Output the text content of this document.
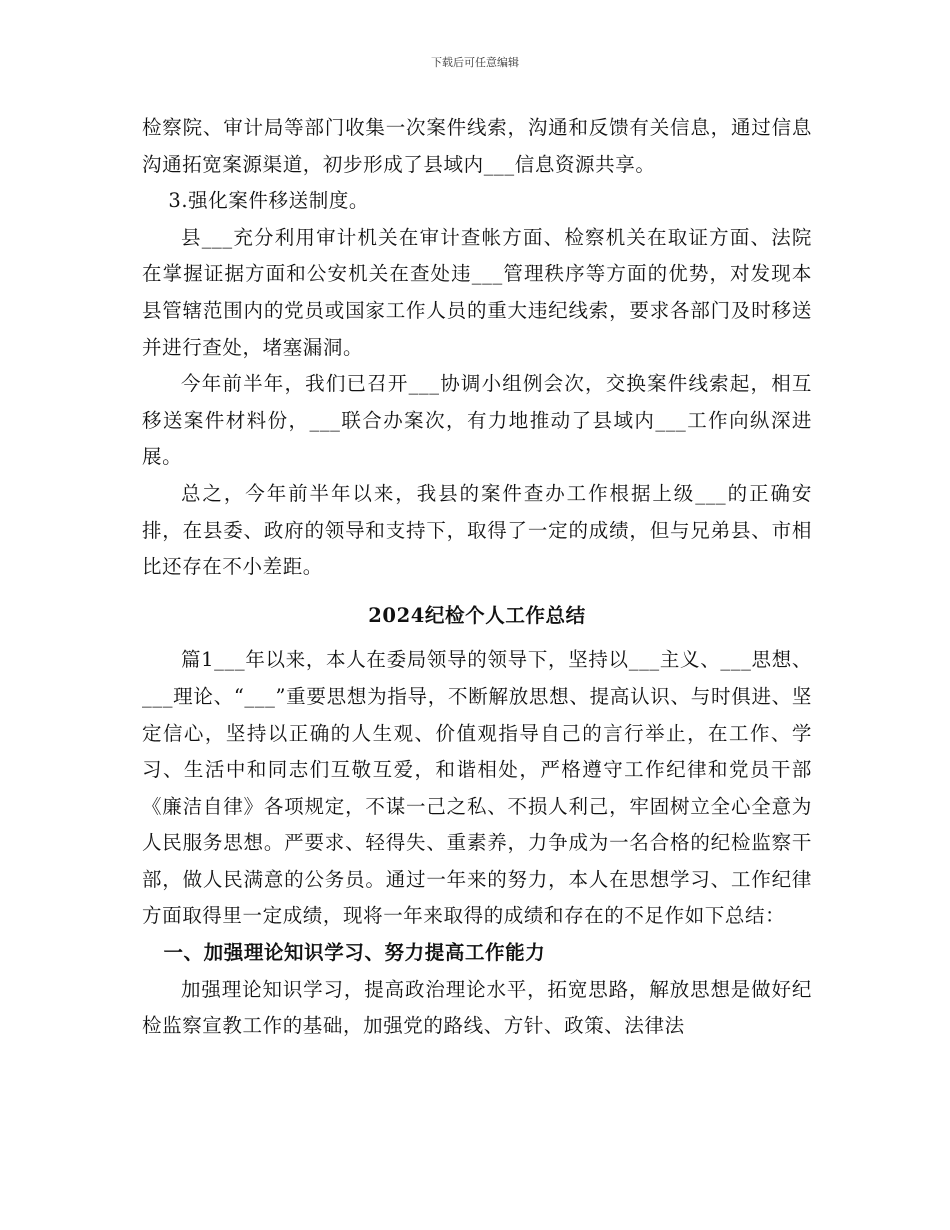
下载后可任意编辑

检察院、审计局等部门收集一次案件线索，沟通和反馈有关信息，通过信息沟通拓宽案源渠道，初步形成了县域内___信息资源共享。

3.强化案件移送制度。

县___充分利用审计机关在审计查帐方面、检察机关在取证方面、法院在掌握证据方面和公安机关在查处违___管理秩序等方面的优势，对发现本县管辖范围内的党员或国家工作人员的重大违纪线索，要求各部门及时移送并进行查处，堵塞漏洞。

今年前半年，我们已召开___协调小组例会次，交换案件线索起，相互移送案件材料份，___联合办案次，有力地推动了县域内___工作向纵深进展。

总之，今年前半年以来，我县的案件查办工作根据上级___的正确安排，在县委、政府的领导和支持下，取得了一定的成绩，但与兄弟县、市相比还存在不小差距。

2024纪检个人工作总结

篇1___年以来，本人在委局领导的领导下，坚持以___主义、___思想、___理论、“___”重要思想为指导，不断解放思想、提高认识、与时俱进、坚定信心，坚持以正确的人生观、价值观指导自己的言行举止，在工作、学习、生活中和同志们互敬互爱，和谐相处，严格遵守工作纪律和党员干部《廉洁自律》各项规定，不谋一己之私、不损人利己，牢固树立全心全意为人民服务思想。严要求、轻得失、重素养，力争成为一名合格的纪检监察干部，做人民满意的公务员。通过一年来的努力，本人在思想学习、工作纪律方面取得里一定成绩，现将一年来取得的成绩和存在的不足作如下总结：

一、加强理论知识学习、努力提高工作能力

加强理论知识学习，提高政治理论水平，拓宽思路，解放思想是做好纪检监察宣教工作的基础，加强党的路线、方针、政策、法律法
